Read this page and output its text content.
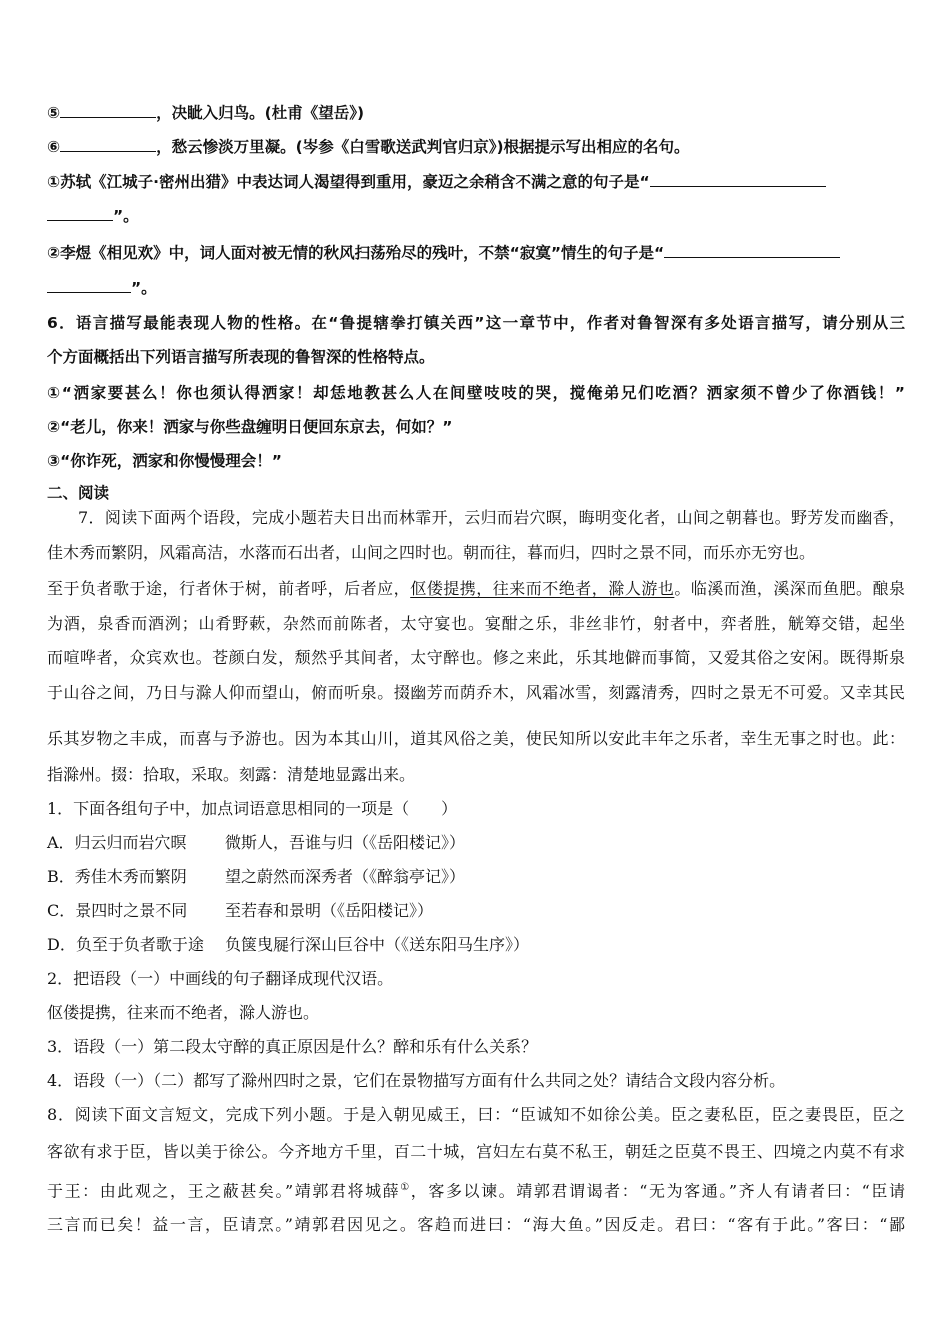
⑤	，决眦入归鸟。(杜甫《望岳》)
⑥	，愁云惨淡万里凝。(岑参《白雪歌送武判官归京》)根据提示写出相应的名句。
①苏轼《江城子·密州出猎》中表达词人渴望得到重用，豪迈之余稍含不满之意的句子是“
”。
②李煜《相见欢》中，词人面对被无情的秋风扫荡殆尽的残叶，不禁“寂寞”情生的句子是“
”。
6．语言描写最能表现人物的性格。在“鲁提辖拳打镇关西”这一章节中，作者对鲁智深有多处语言描写，请分别从三
个方面概括出下列语言描写所表现的鲁智深的性格特点。
①“洒家要甚么！你也须认得洒家！却恁地教甚么人在间壁吱吱的哭，搅俺弟兄们吃酒？洒家须不曾少了你酒钱！”
②“老儿，你来！洒家与你些盘缠明日便回东京去，何如？”
③“你诈死，洒家和你慢慢理会！”
二、阅读
7．阅读下面两个语段，完成小题若夫日出而林霏开，云归而岩穴暝，晦明变化者，山间之朝暮也。野芳发而幽香，
佳木秀而繁阴，风霜高洁，水落而石出者，山间之四时也。朝而往，暮而归，四时之景不同，而乐亦无穷也。
至于负者歌于途，行者休于树，前者呼，后者应，伛偻提携，往来而不绝者，滁人游也。临溪而渔，溪深而鱼肥。酿泉
为酒，泉香而酒洌；山肴野蔌，杂然而前陈者，太守宴也。宴酣之乐，非丝非竹，射者中，弈者胜，觥筹交错，起坐
而喧哗者，众宾欢也。苍颜白发，颓然乎其间者，太守醉也。修之来此，乐其地僻而事简，又爱其俗之安闲。既得斯泉
于山谷之间，乃日与滁人仰而望山，俯而听泉。掇幽芳而荫乔木，风霜冰雪，刻露清秀，四时之景无不可爱。又幸其民
乐其岁物之丰成，而喜与予游也。因为本其山川，道其风俗之美，使民知所以安此丰年之乐者，幸生无事之时也。此：
指滁州。掇：拾取，采取。刻露：清楚地显露出来。
1．下面各组句子中，加点词语意思相同的一项是（　　）
A．归云归而岩穴暝 微斯人，吾谁与归（《岳阳楼记》）
B．秀佳木秀而繁阴 望之蔚然而深秀者（《醉翁亭记》）
C．景四时之景不同 至若春和景明（《岳阳楼记》）
D．负至于负者歌于途 负箧曳屣行深山巨谷中（《送东阳马生序》）
2．把语段（一）中画线的句子翻译成现代汉语。
伛偻提携，往来而不绝者，滁人游也。
3．语段（一）第二段太守醉的真正原因是什么？醉和乐有什么关系？
4．语段（一）（二）都写了滁州四时之景，它们在景物描写方面有什么共同之处？请结合文段内容分析。
8．阅读下面文言短文，完成下列小题。于是入朝见威王，曰：“臣诚知不如徐公美。臣之妻私臣，臣之妻畏臣，臣之
客欲有求于臣，皆以美于徐公。今齐地方千里，百二十城，宫妇左右莫不私王，朝廷之臣莫不畏王、四境之内莫不有求
于王：由此观之，王之蔽甚矣。”靖郭君将城薛①，客多以谏。靖郭君谓谒者：“无为客通。”齐人有请者曰：“臣请
三言而已矣！益一言，臣请烹。”靖郭君因见之。客趋而进曰：“海大鱼。”因反走。君曰：“客有于此。”客曰：“鄙
